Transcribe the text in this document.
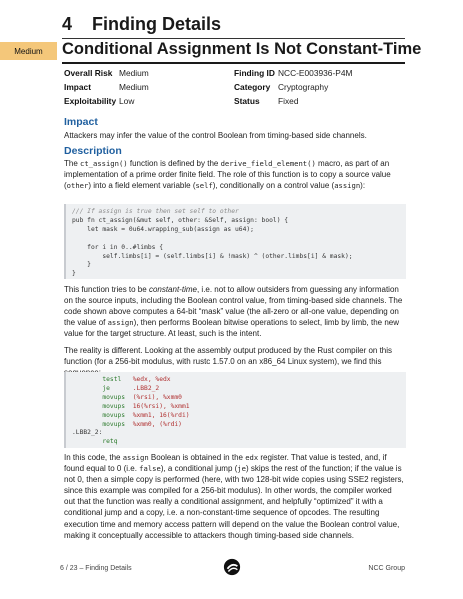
4 Finding Details
Medium	Conditional Assignment Is Not Constant-Time
Overall Risk Medium	Finding ID NCC-E003936-P4M
Impact	Medium	Category Cryptography
Exploitability Low	Status Fixed
Impact
Attackers may infer the value of the control Boolean from timing-based side channels.
Description
The ct_assign() function is defined by the derive_field_element() macro, as part of an implementation of a prime order finite field. The role of this function is to copy a source value (other) into a field element variable (self), conditionally on a control value (assign):
/// If assign is true then set self to other
pub fn ct_assign(&mut self, other: &Self, assign: bool) {
let mask = 0u64.wrapping_sub(assign as u64);

for i in 0..#limbs {
self.limbs[i] = (self.limbs[i] & !mask) ^ (other.limbs[i] & mask);
}
}
This function tries to be constant-time, i.e. not to allow outsiders from guessing any information on the source inputs, including the Boolean control value, from timing-based side channels. The code shown above computes a 64-bit “mask” value (the all-zero or all-one value, depending on the value of assign), then performs Boolean bitwise operations to select, limb by limb, the new value for the target structure. At least, such is the intent.
The reality is different. Looking at the assembly output produced by the Rust compiler on this function (for a 256-bit modulus, with rustc 1.57.0 on an x86_64 Linux system), we find this
testl   %edx, %edx
je      .LBB2_2
movups  (%rsi), %xmm0
movups  16(%rsi), %xmm1
movups  %xmm1, 16(%rdi)
movups  %xmm0, (%rdi)
.LBB2_2:
retq
In this code, the assign Boolean is obtained in the edx register. That value is tested, and, if found equal to 0 (i.e. false), a conditional jump (je) skips the rest of the function; if the value is not 0, then a simple copy is performed (here, with two 128-bit wide copies using SSE2 registers, since this example was compiled for a 256-bit modulus). In other words, the compiler worked out that the function was really a conditional assignment, and helpfully “optimized” it with a conditional jump and a copy, i.e. a non-constant-time sequence of opcodes. The resulting execution time and memory access pattern will depend on the value the Boolean control value, making it conceptually accessible to attackers though timing-based side channels.
6 / 23 – Finding Details	NCC Group
